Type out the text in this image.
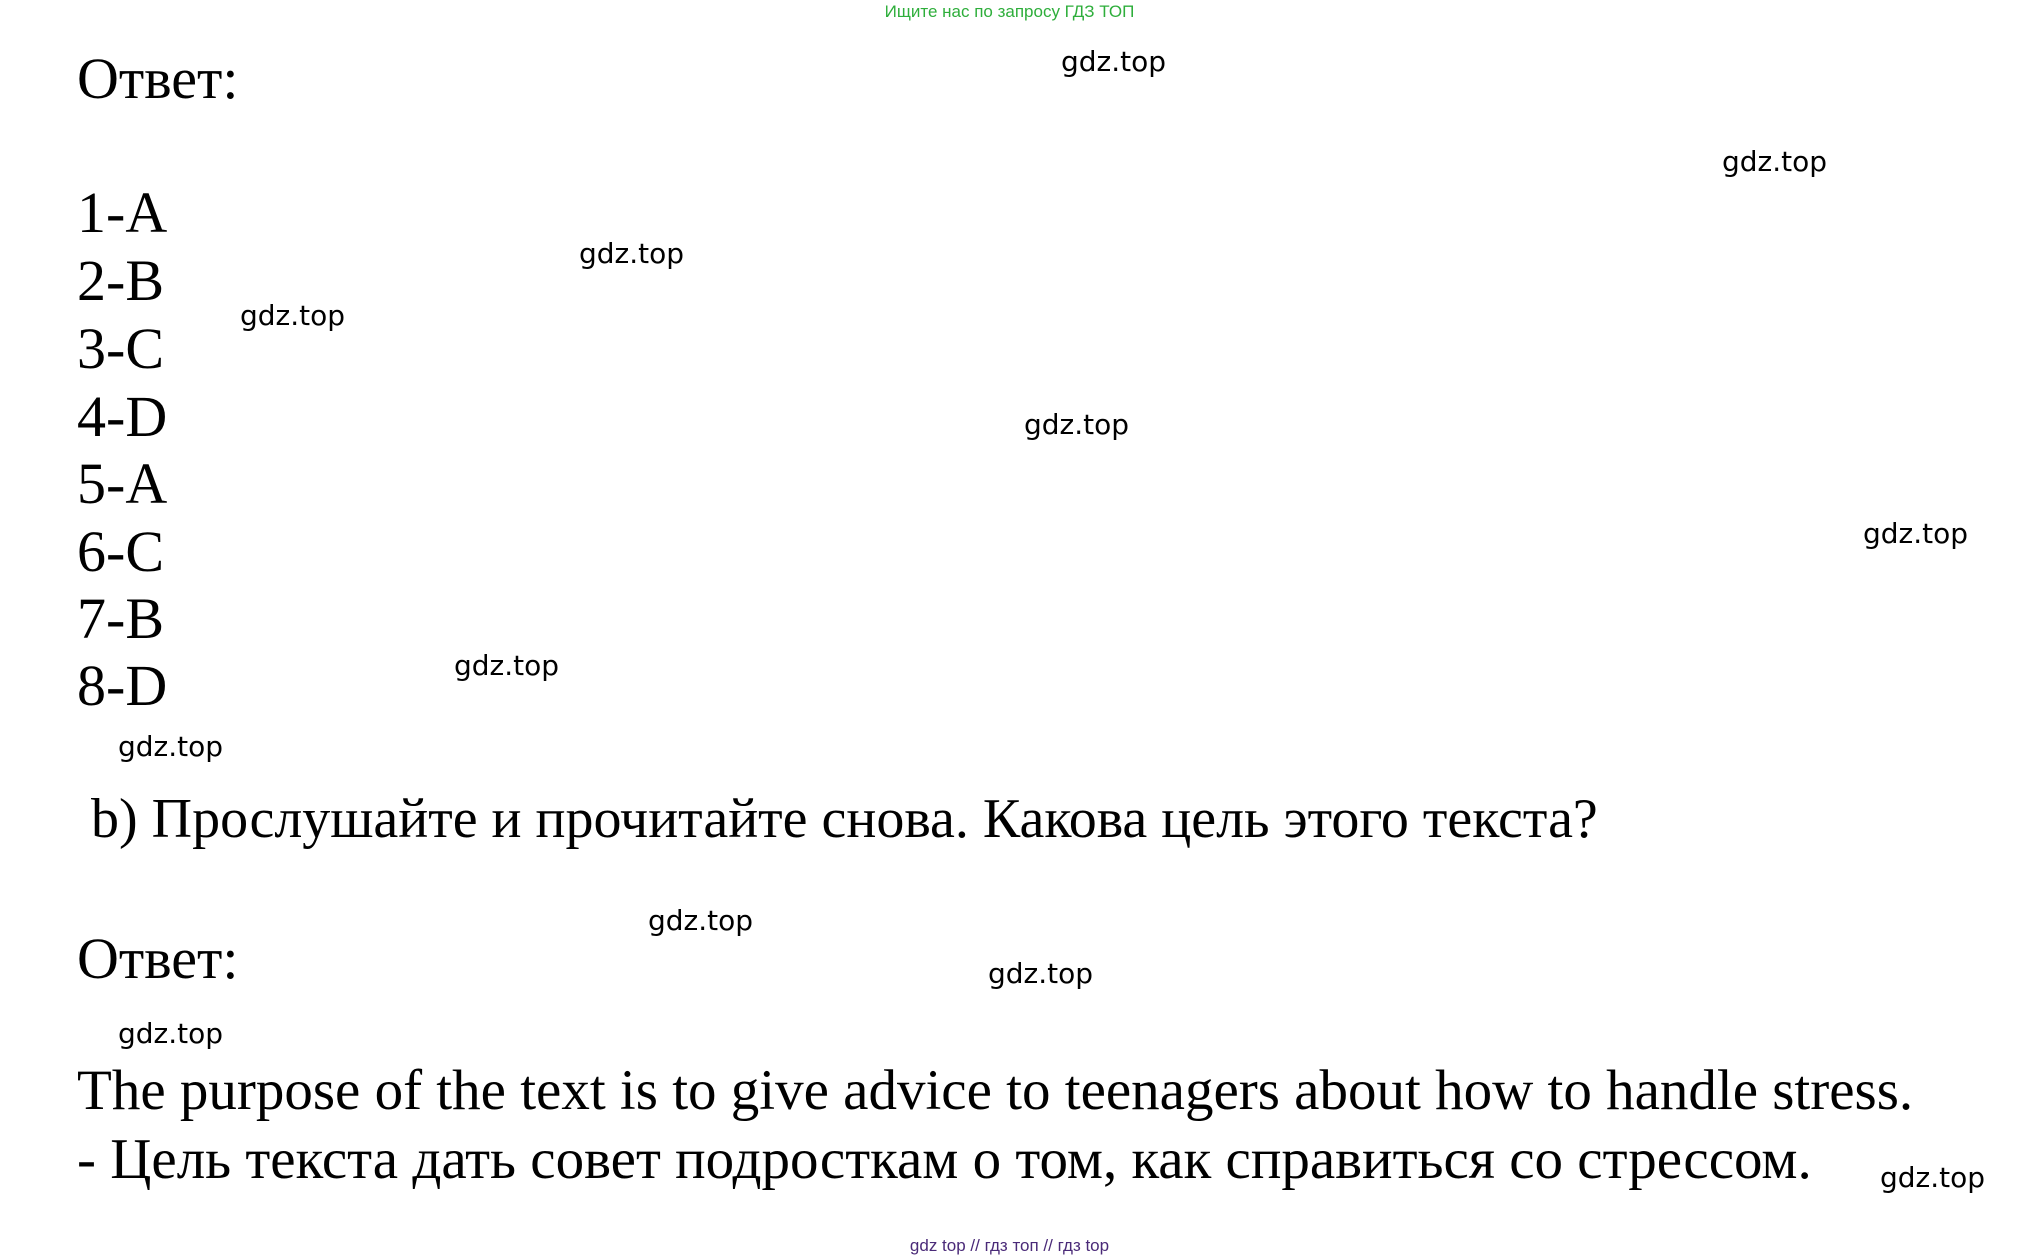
Ищите нас по запросу ГДЗ ТОП
Ответ:
1-A
2-B
3-C
4-D
5-A
6-C
7-B
8-D
b) Прослушайте и прочитайте снова. Какова цель этого текста?
Ответ:
The purpose of the text is to give advice to teenagers about how to handle stress.
- Цель текста дать совет подросткам о том, как справиться со стрессом.
gdz.top
gdz.top
gdz.top
gdz.top
gdz.top
gdz.top
gdz.top
gdz.top
gdz.top
gdz.top
gdz.top
gdz.top
gdz top // гдз топ // гдз top
